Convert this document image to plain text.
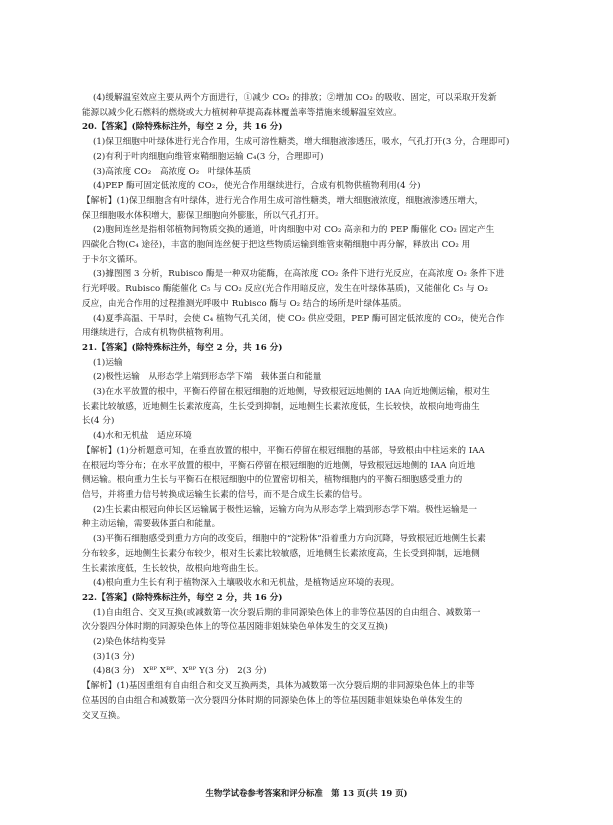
(4)缓解温室效应主要从两个方面进行，①减少 CO₂ 的排放；②增加 CO₂ 的吸收、固定，可以采取开发新
能源以减少化石燃料的燃烧或大力植树种草提高森林覆盖率等措施来缓解温室效应。
20.【答案】(除特殊标注外，每空 2 分，共 16 分)
(1)保卫细胞中叶绿体进行光合作用，生成可溶性糖类，增大细胞液渗透压，吸水，气孔打开(3 分，合理即可)
(2)有利于叶肉细胞向维管束鞘细胞运输 C₄(3 分，合理即可)
(3)高浓度 CO₂　高浓度 O₂　叶绿体基质
(4)PEP 酶可固定低浓度的 CO₂，使光合作用继续进行，合成有机物供植物利用(4 分)
【解析】(1)保卫细胞含有叶绿体，进行光合作用生成可溶性糖类，增大细胞液浓度，细胞液渗透压增大，
保卫细胞吸水体积增大，膨保卫细胞向外膨胀，所以气孔打开。
(2)胞间连丝是指相邻植物间物质交换的通道，叶肉细胞中对 CO₂ 高亲和力的 PEP 酶催化 CO₂ 固定产生
四碳化合物(C₄ 途径)，丰富的胞间连丝便于把这些物质运输到维管束鞘细胞中再分解，释放出 CO₂ 用
于卡尔文循环。
(3)據图图 3 分析，Rubisco 酶是一种双功能酶，在高浓度 CO₂ 条件下进行光反应，在高浓度 O₂ 条件下进
行光呼吸。Rubisco 酶能催化 C₅ 与 CO₂ 反应(光合作用暗反应，发生在叶绿体基质)，又能催化 C₅ 与 O₂
反应，由光合作用的过程推测光呼吸中 Rubisco 酶与 O₂ 结合的场所是叶绿体基质。
(4)夏季高温、干旱时，会使 C₄ 植物气孔关闭，使 CO₂ 供应受阻，PEP 酶可固定低浓度的 CO₂，使光合作
用继续进行，合成有机物供植物利用。
21.【答案】(除特殊标注外，每空 2 分，共 16 分)
(1)运输
(2)极性运输　从形态学上端到形态学下端　载体蛋白和能量
(3)在水平放置的根中，平衡石停留在根冠细胞的近地侧，导致根冠远地侧的 IAA 向近地侧运输，根对生
长素比较敏感，近地侧生长素浓度高，生长受到抑制，远地侧生长素浓度低，生长较快，故根向地弯曲生
长(4 分)
(4)水和无机盐　适应环境
【解析】(1)分析题意可知，在垂直放置的根中，平衡石停留在根冠细胞的基部，导致根由中柱运来的 IAA
在根冠均等分布；在水平放置的根中，平衡石停留在根冠细胞的近地侧，导致根冠远地侧的 IAA 向近地
侧运输。根向重力生长与平衡石在根冠细胞中的位置密切相关，植物细胞内的平衡石细胞感受重力的
信号，并将重力信号转换成运输生长素的信号，而不是合成生长素的信号。
(2)生长素由根冠向伸长区运输属于极性运输，运输方向为从形态学上端到形态学下端。极性运输是一
种主动运输，需要载体蛋白和能量。
(3)平衡石细胞感受到重力方向的改变后，细胞中的“淀粉体”沿着重力方向沉降，导致根冠近地侧生长素
分布较多，远地侧生长素分布较少，根对生长素比较敏感，近地侧生长素浓度高，生长受到抑制，远地侧
生长素浓度低，生长较快，故根向地弯曲生长。
(4)根向重力生长有利于植物深入土壤吸收水和无机盐，是植物适应环境的表现。
22.【答案】(除特殊标注外，每空 2 分，共 16 分)
(1)自由组合、交叉互换(或减数第一次分裂后期的非同源染色体上的非等位基因的自由组合、减数第一
次分裂四分体时期的同源染色体上的等位基因随非姐妹染色单体发生的交叉互换)
(2)染色体结构变异
(3)1(3 分)
(4)8(3 分)　Xᴮᴾ Xᴮᴾ、Xᴮᴾ Y(3 分)　2(3 分)
【解析】(1)基因重组有自由组合和交叉互换两类，具体为减数第一次分裂后期的非同源染色体上的非等
位基因的自由组合和减数第一次分裂四分体时期的同源染色体上的等位基因随非姐妹染色单体发生的
交叉互换。
生物学试卷参考答案和评分标准　第 13 页(共 19 页)
